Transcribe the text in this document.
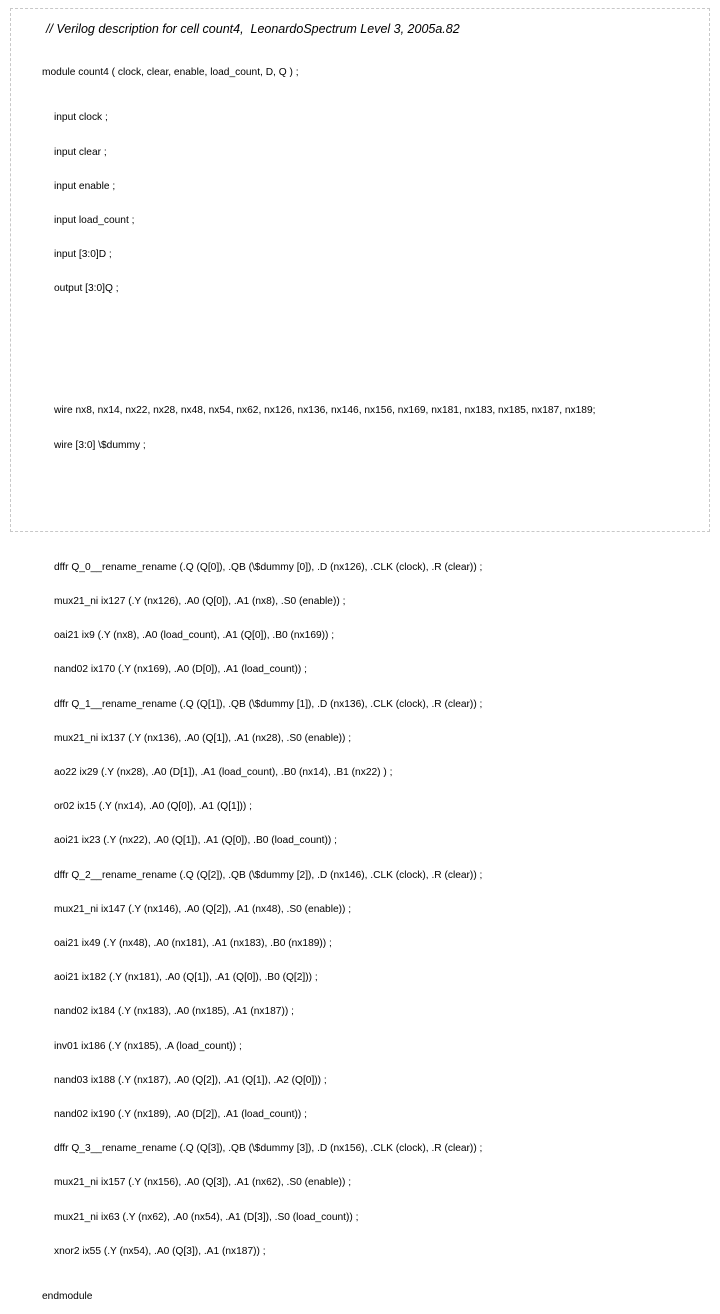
// Verilog description for cell count4,  LeonardoSpectrum Level 3, 2005a.82

module count4 ( clock, clear, enable, load_count, D, Q ) ;

input clock ;

input clear ;

input enable ;

input load_count ;

input [3:0]D ;

output [3:0]Q ;

wire nx8, nx14, nx22, nx28, nx48, nx54, nx62, nx126, nx136, nx146, nx156, nx169, nx181, nx183, nx185, nx187, nx189;

wire [3:0] \$dummy ;

dffr Q_0__rename_rename (.Q (Q[0]), .QB (\$dummy [0]), .D (nx126), .CLK (clock), .R (clear)) ;

mux21_ni ix127 (.Y (nx126), .A0 (Q[0]), .A1 (nx8), .S0 (enable)) ;

oai21 ix9 (.Y (nx8), .A0 (load_count), .A1 (Q[0]), .B0 (nx169)) ;

nand02 ix170 (.Y (nx169), .A0 (D[0]), .A1 (load_count)) ;

dffr Q_1__rename_rename (.Q (Q[1]), .QB (\$dummy [1]), .D (nx136), .CLK (clock), .R (clear)) ;

mux21_ni ix137 (.Y (nx136), .A0 (Q[1]), .A1 (nx28), .S0 (enable)) ;

ao22 ix29 (.Y (nx28), .A0 (D[1]), .A1 (load_count), .B0 (nx14), .B1 (nx22) ) ;

or02 ix15 (.Y (nx14), .A0 (Q[0]), .A1 (Q[1])) ;

aoi21 ix23 (.Y (nx22), .A0 (Q[1]), .A1 (Q[0]), .B0 (load_count)) ;

dffr Q_2__rename_rename (.Q (Q[2]), .QB (\$dummy [2]), .D (nx146), .CLK (clock), .R (clear)) ;

mux21_ni ix147 (.Y (nx146), .A0 (Q[2]), .A1 (nx48), .S0 (enable)) ;

oai21 ix49 (.Y (nx48), .A0 (nx181), .A1 (nx183), .B0 (nx189)) ;

aoi21 ix182 (.Y (nx181), .A0 (Q[1]), .A1 (Q[0]), .B0 (Q[2])) ;

nand02 ix184 (.Y (nx183), .A0 (nx185), .A1 (nx187)) ;

inv01 ix186 (.Y (nx185), .A (load_count)) ;

nand03 ix188 (.Y (nx187), .A0 (Q[2]), .A1 (Q[1]), .A2 (Q[0])) ;

nand02 ix190 (.Y (nx189), .A0 (D[2]), .A1 (load_count)) ;

dffr Q_3__rename_rename (.Q (Q[3]), .QB (\$dummy [3]), .D (nx156), .CLK (clock), .R (clear)) ;

mux21_ni ix157 (.Y (nx156), .A0 (Q[3]), .A1 (nx62), .S0 (enable)) ;

mux21_ni ix63 (.Y (nx62), .A0 (nx54), .A1 (D[3]), .S0 (load_count)) ;

xnor2 ix55 (.Y (nx54), .A0 (Q[3]), .A1 (nx187)) ;

endmodule
